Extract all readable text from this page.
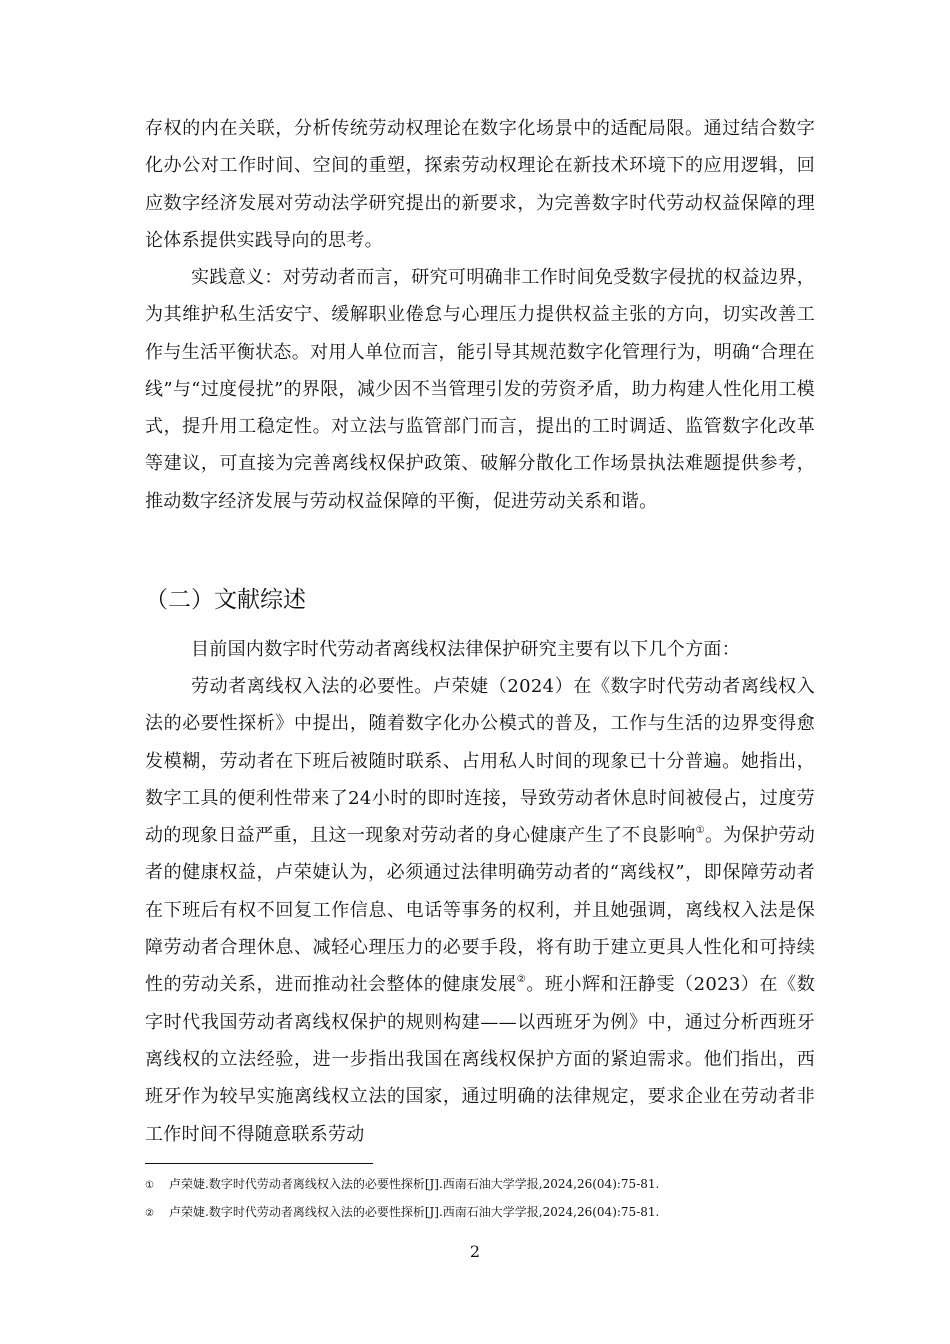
存权的内在关联，分析传统劳动权理论在数字化场景中的适配局限。通过结合数字化办公对工作时间、空间的重塑，探索劳动权理论在新技术环境下的应用逻辑，回应数字经济发展对劳动法学研究提出的新要求，为完善数字时代劳动权益保障的理论体系提供实践导向的思考。

实践意义：对劳动者而言，研究可明确非工作时间免受数字侵扰的权益边界，为其维护私生活安宁、缓解职业倦怠与心理压力提供权益主张的方向，切实改善工作与生活平衡状态。对用人单位而言，能引导其规范数字化管理行为，明确“合理在线”与“过度侵扰”的界限，减少因不当管理引发的劳资矛盾，助力构建人性化用工模式，提升用工稳定性。对立法与监管部门而言，提出的工时调适、监管数字化改革等建议，可直接为完善离线权保护政策、破解分散化工作场景执法难题提供参考，推动数字经济发展与劳动权益保障的平衡，促进劳动关系和谐。

（二）文献综述

目前国内数字时代劳动者离线权法律保护研究主要有以下几个方面：

劳动者离线权入法的必要性。卢荣婕（2024）在《数字时代劳动者离线权入法的必要性探析》中提出，随着数字化办公模式的普及，工作与生活的边界变得愈发模糊，劳动者在下班后被随时联系、占用私人时间的现象已十分普遍。她指出，数字工具的便利性带来了24小时的即时连接，导致劳动者休息时间被侵占，过度劳动的现象日益严重，且这一现象对劳动者的身心健康产生了不良影响①。为保护劳动者的健康权益，卢荣婕认为，必须通过法律明确劳动者的“离线权”，即保障劳动者在下班后有权不回复工作信息、电话等事务的权利，并且她强调，离线权入法是保障劳动者合理休息、减轻心理压力的必要手段，将有助于建立更具人性化和可持续性的劳动关系，进而推动社会整体的健康发展②。班小辉和汪静雯（2023）在《数字时代我国劳动者离线权保护的规则构建——以西班牙为例》中，通过分析西班牙离线权的立法经验，进一步指出我国在离线权保护方面的紧迫需求。他们指出，西班牙作为较早实施离线权立法的国家，通过明确的法律规定，要求企业在劳动者非工作时间不得随意联系劳动

① 卢荣婕.数字时代劳动者离线权入法的必要性探析[J].西南石油大学学报,2024,26(04):75-81.
② 卢荣婕.数字时代劳动者离线权入法的必要性探析[J].西南石油大学学报,2024,26(04):75-81.
2
